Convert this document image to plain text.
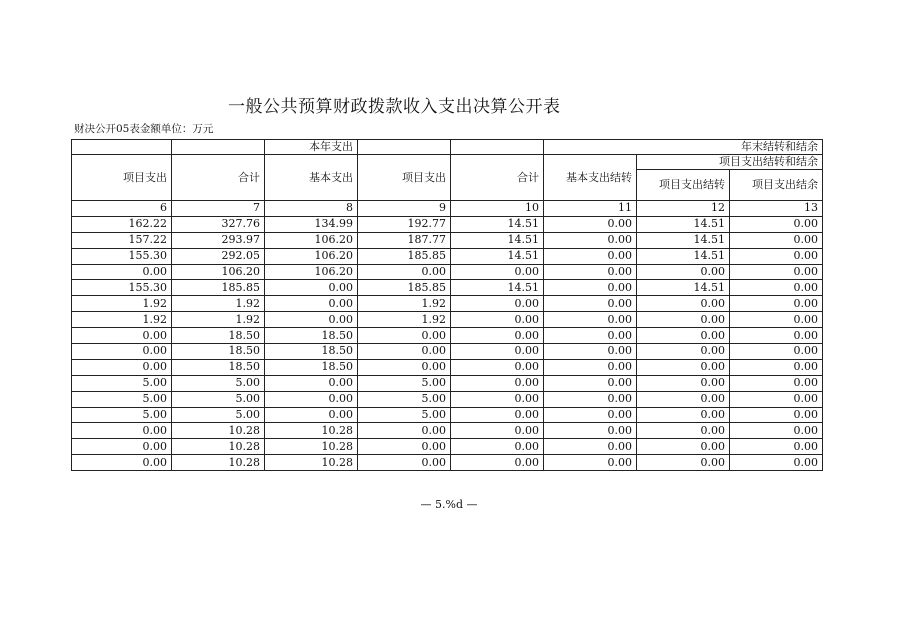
一般公共预算财政拨款收入支出决算公开表
财决公开05表金额单位：万元
		本年支出			年末结转和结余		
项目支出	合计	基本支出	项目支出	合计	基本支出结转	项目支出结转和结余	
						项目支出结转	项目支出结余
6	7	8	9	10	11	12	13
162.22	327.76	134.99	192.77	14.51	0.00	14.51	0.00
157.22	293.97	106.20	187.77	14.51	0.00	14.51	0.00
155.30	292.05	106.20	185.85	14.51	0.00	14.51	0.00
0.00	106.20	106.20	0.00	0.00	0.00	0.00	0.00
155.30	185.85	0.00	185.85	14.51	0.00	14.51	0.00
1.92	1.92	0.00	1.92	0.00	0.00	0.00	0.00
1.92	1.92	0.00	1.92	0.00	0.00	0.00	0.00
0.00	18.50	18.50	0.00	0.00	0.00	0.00	0.00
0.00	18.50	18.50	0.00	0.00	0.00	0.00	0.00
0.00	18.50	18.50	0.00	0.00	0.00	0.00	0.00
5.00	5.00	0.00	5.00	0.00	0.00	0.00	0.00
5.00	5.00	0.00	5.00	0.00	0.00	0.00	0.00
5.00	5.00	0.00	5.00	0.00	0.00	0.00	0.00
0.00	10.28	10.28	0.00	0.00	0.00	0.00	0.00
0.00	10.28	10.28	0.00	0.00	0.00	0.00	0.00
0.00	10.28	10.28	0.00	0.00	0.00	0.00	0.00
— 5.%d —
